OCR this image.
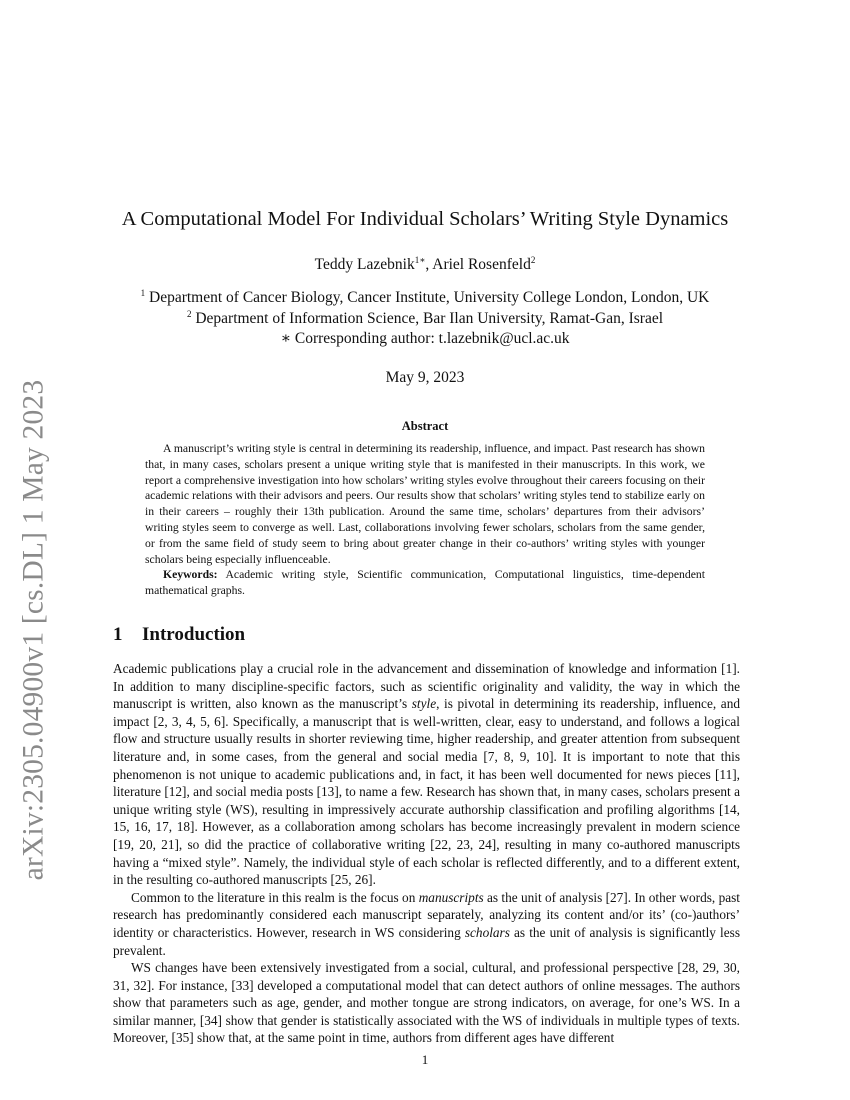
arXiv:2305.04900v1 [cs.DL] 1 May 2023
A Computational Model For Individual Scholars’ Writing Style Dynamics
Teddy Lazebnik$^{1∗}$, Ariel Rosenfeld$^2$
$^1$ Department of Cancer Biology, Cancer Institute, University College London, London, UK
$^2$ Department of Information Science, Bar Ilan University, Ramat-Gan, Israel
∗ Corresponding author: t.lazebnik@ucl.ac.uk
May 9, 2023
Abstract

A manuscript’s writing style is central in determining its readership, influence, and impact. Past research has shown that, in many cases, scholars present a unique writing style that is manifested in their manuscripts. In this work, we report a comprehensive investigation into how scholars’ writing styles evolve throughout their careers focusing on their academic relations with their advisors and peers. Our results show that scholars’ writing styles tend to stabilize early on in their careers – roughly their 13th publication. Around the same time, scholars’ departures from their advisors’ writing styles seem to converge as well. Last, collaborations involving fewer scholars, scholars from the same gender, or from the same field of study seem to bring about greater change in their co-authors’ writing styles with younger scholars being especially influenceable.

Keywords: Academic writing style, Scientific communication, Computational linguistics, time-dependent mathematical graphs.

1 Introduction

Academic publications play a crucial role in the advancement and dissemination of knowledge and information [1]. In addition to many discipline-specific factors, such as scientific originality and validity, the way in which the manuscript is written, also known as the manuscript’s style, is pivotal in determining its readership, influence, and impact [2, 3, 4, 5, 6]. Specifically, a manuscript that is well-written, clear, easy to understand, and follows a logical flow and structure usually results in shorter reviewing time, higher readership, and greater attention from subsequent literature and, in some cases, from the general and social media [7, 8, 9, 10]. It is important to note that this phenomenon is not unique to academic publications and, in fact, it has been well documented for news pieces [11], literature [12], and social media posts [13], to name a few. Research has shown that, in many cases, scholars present a unique writing style (WS), resulting in impressively accurate authorship classification and profiling algorithms [14, 15, 16, 17, 18]. However, as a collaboration among scholars has become increasingly prevalent in modern science [19, 20, 21], so did the practice of collaborative writing [22, 23, 24], resulting in many co-authored manuscripts having a “mixed style”. Namely, the individual style of each scholar is reflected differently, and to a different extent, in the resulting co-authored manuscripts [25, 26].

Common to the literature in this realm is the focus on manuscripts as the unit of analysis [27]. In other words, past research has predominantly considered each manuscript separately, analyzing its content and/or its’ (co-)authors’ identity or characteristics. However, research in WS considering scholars as the unit of analysis is significantly less prevalent.

WS changes have been extensively investigated from a social, cultural, and professional perspective [28, 29, 30, 31, 32]. For instance, [33] developed a computational model that can detect authors of online messages. The authors show that parameters such as age, gender, and mother tongue are strong indicators, on average, for one’s WS. In a similar manner, [34] show that gender is statistically associated with the WS of individuals in multiple types of texts. Moreover, [35] show that, at the same point in time, authors from different ages have different

1
